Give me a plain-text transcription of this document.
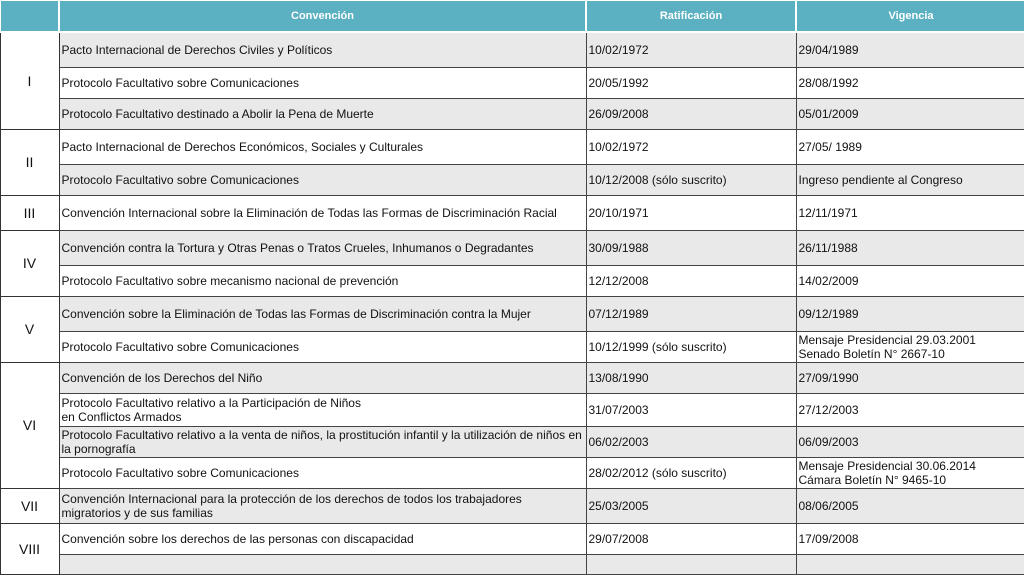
	Convención	Ratificación	Vigencia
I	Pacto Internacional de Derechos Civiles y Políticos	10/02/1972	29/04/1989
	Protocolo Facultativo sobre Comunicaciones	20/05/1992	28/08/1992
	Protocolo Facultativo destinado a Abolir la Pena de Muerte	26/09/2008	05/01/2009
II	Pacto Internacional de Derechos Económicos, Sociales y Culturales	10/02/1972	27/05/ 1989
	Protocolo Facultativo sobre Comunicaciones	10/12/2008 (sólo suscrito)	Ingreso pendiente al Congreso
III	Convención Internacional sobre la Eliminación de Todas las Formas de Discriminación Racial	20/10/1971	12/11/1971
IV	Convención contra la Tortura y Otras Penas o Tratos Crueles, Inhumanos o Degradantes	30/09/1988	26/11/1988
	Protocolo Facultativo sobre mecanismo nacional de prevención	12/12/2008	14/02/2009
V	Convención sobre la Eliminación de Todas las Formas de Discriminación contra la Mujer	07/12/1989	09/12/1989
	Protocolo Facultativo sobre Comunicaciones	10/12/1999 (sólo suscrito)	Mensaje Presidencial 29.03.2001
Senado Boletín N° 2667-10
VI	Convención de los Derechos del Niño	13/08/1990	27/09/1990
	Protocolo Facultativo relativo a la Participación de Niños
en Conflictos Armados	31/07/2003	27/12/2003
	Protocolo Facultativo relativo a la venta de niños, la prostitución infantil y la utilización de niños en la pornografía	06/02/2003	06/09/2003
	Protocolo Facultativo sobre Comunicaciones	28/02/2012 (sólo suscrito)	Mensaje Presidencial 30.06.2014
Cámara Boletín N° 9465-10
VII	Convención Internacional para la protección de los derechos de todos los trabajadores migratorios y de sus familias	25/03/2005	08/06/2005
VIII	Convención sobre los derechos de las personas con discapacidad	29/07/2008	17/09/2008
